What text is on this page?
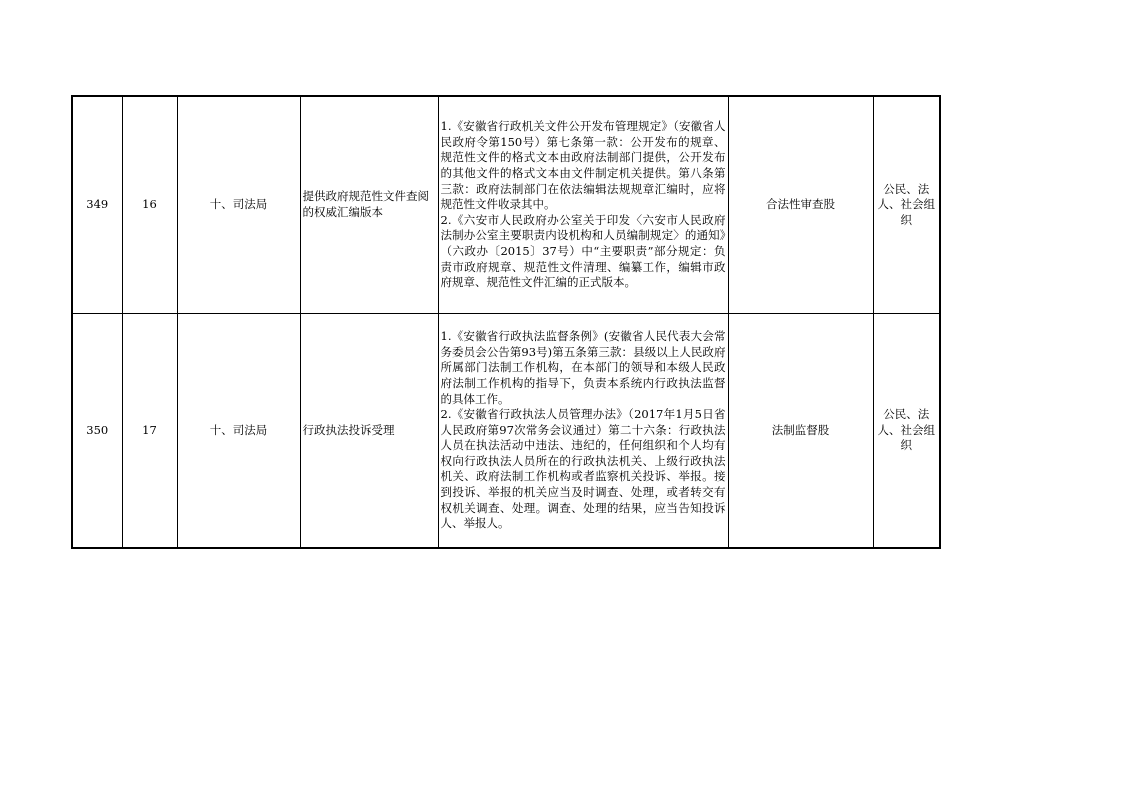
349	16	十、司法局	提供政府规范性文件查阅的权威汇编版本	1.《安徽省行政机关文件公开发布管理规定》（安徽省人民政府令第150号）第七条第一款：公开发布的规章、规范性文件的格式文本由政府法制部门提供，公开发布的其他文件的格式文本由文件制定机关提供。第八条第三款：政府法制部门在依法编辑法规规章汇编时，应将规范性文件收录其中。

2.《六安市人民政府办公室关于印发〈六安市人民政府法制办公室主要职责内设机构和人员编制规定〉的通知》（六政办〔2015〕37号）中“主要职责”部分规定：负责市政府规章、规范性文件清理、编纂工作，编辑市政府规章、规范性文件汇编的正式版本。	合法性审查股	公民、法人、社会组织
350	17	十、司法局	行政执法投诉受理	1.《安徽省行政执法监督条例》(安徽省人民代表大会常务委员会公告第93号)第五条第三款：县级以上人民政府所属部门法制工作机构，在本部门的领导和本级人民政府法制工作机构的指导下，负责本系统内行政执法监督的具体工作。

2.《安徽省行政执法人员管理办法》（2017年1月5日省人民政府第97次常务会议通过）第二十六条：行政执法人员在执法活动中违法、违纪的，任何组织和个人均有权向行政执法人员所在的行政执法机关、上级行政执法机关、政府法制工作机构或者监察机关投诉、举报。接到投诉、举报的机关应当及时调查、处理，或者转交有权机关调查、处理。调查、处理的结果，应当告知投诉人、举报人。	法制监督股	公民、法人、社会组织
